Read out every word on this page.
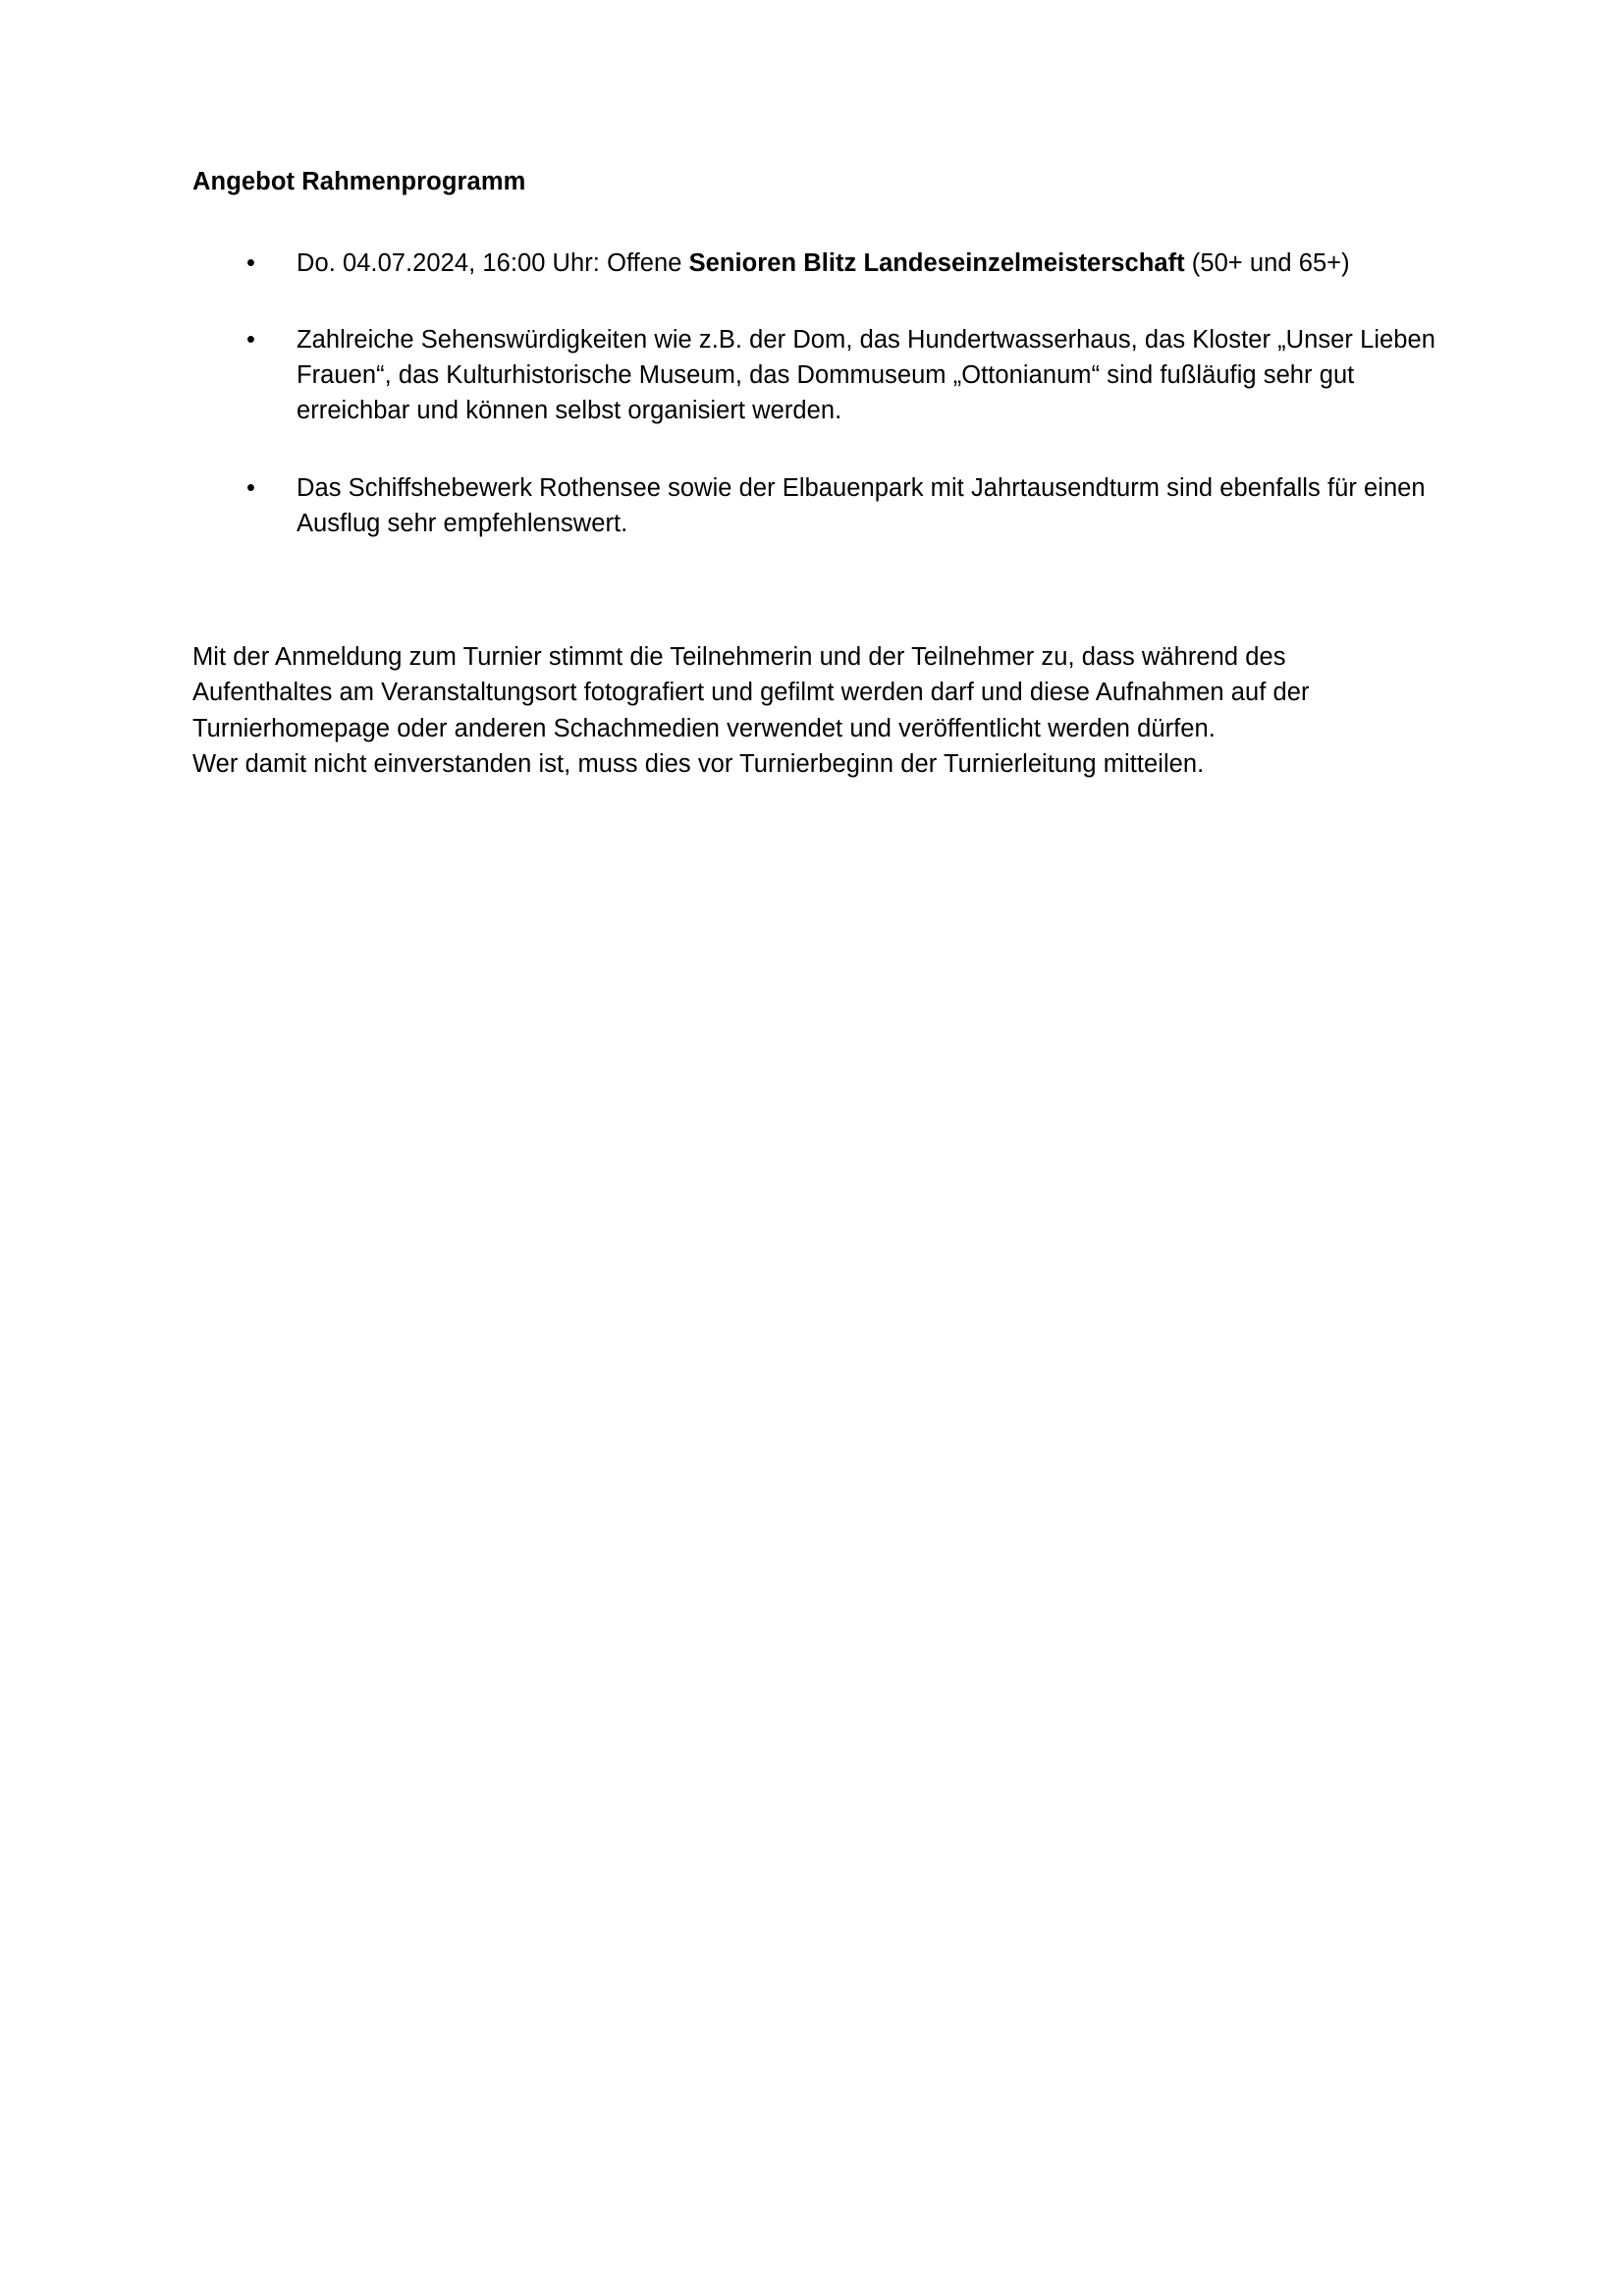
Angebot Rahmenprogramm
• Do. 04.07.2024, 16:00 Uhr: Offene Senioren Blitz Landeseinzelmeisterschaft (50+ und 65+)
• Zahlreiche Sehenswürdigkeiten wie z.B. der Dom, das Hundertwasserhaus, das Kloster „Unser Lieben Frauen“, das Kulturhistorische Museum, das Dommuseum „Ottonianum“ sind fußläufig sehr gut erreichbar und können selbst organisiert werden.
• Das Schiffshebewerk Rothensee sowie der Elbauenpark mit Jahrtausendturm sind ebenfalls für einen Ausflug sehr empfehlenswert.

Mit der Anmeldung zum Turnier stimmt die Teilnehmerin und der Teilnehmer zu, dass während des Aufenthaltes am Veranstaltungsort fotografiert und gefilmt werden darf und diese Aufnahmen auf der Turnierhomepage oder anderen Schachmedien verwendet und veröffentlicht werden dürfen.

Wer damit nicht einverstanden ist, muss dies vor Turnierbeginn der Turnierleitung mitteilen.
